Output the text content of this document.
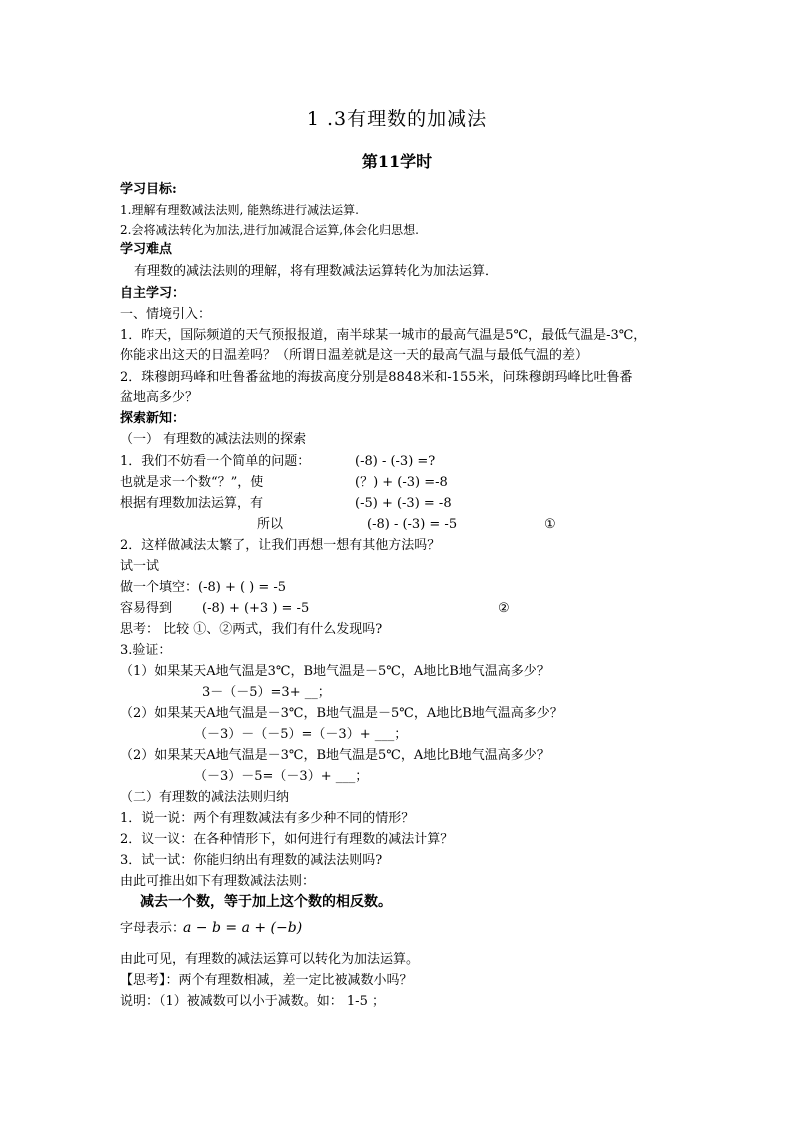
1 .3有理数的加减法
第11学时
学习目标:
1.理解有理数减法法则, 能熟练进行减法运算.
2.会将减法转化为加法,进行加减混合运算,体会化归思想.
学习难点
有理数的减法法则的理解，将有理数减法运算转化为加法运算．
自主学习：
一、情境引入：
1．昨天，国际频道的天气预报报道，南半球某一城市的最高气温是5℃，最低气温是-3℃，
你能求出这天的日温差吗？（所谓日温差就是这一天的最高气温与最低气温的差）
2．珠穆朗玛峰和吐鲁番盆地的海拔高度分别是8848米和-155米，问珠穆朗玛峰比吐鲁番
盆地高多少？
探索新知：
（一） 有理数的减法法则的探索
1．我们不妨看一个简单的问题：	(-8) - (-3) =?
也就是求一个数“？”，使	(？) + (-3) =-8
根据有理数加法运算，有	(-5) + (-3) = -8
所以	(-8) - (-3) = -5	①
2．这样做减法太繁了，让我们再想一想有其他方法吗？
试一试
做一个填空：(-8) + ( ) = -5
容易得到 (-8) + (+3 ) = -5	②
思考： 比较 ①、②两式，我们有什么发现吗?
3.验证：
（1）如果某天A地气温是3℃，B地气温是－5℃，A地比B地气温高多少？
3－（－5）=3+ __；
（2）如果某天A地气温是－3℃，B地气温是－5℃，A地比B地气温高多少？
（－3）－（－5）=（－3）+ ___；
（2）如果某天A地气温是－3℃，B地气温是5℃，A地比B地气温高多少？
（－3）－5=（－3）+ ___；
（二）有理数的减法法则归纳
1．说一说：两个有理数减法有多少种不同的情形？
2．议一议：在各种情形下，如何进行有理数的减法计算？
3．试一试：你能归纳出有理数的减法法则吗?
由此可推出如下有理数减法法则：
减去一个数，等于加上这个数的相反数。
字母表示：
a − b = a + (−b)
由此可见，有理数的减法运算可以转化为加法运算。
【思考】：两个有理数相减，差一定比被减数小吗？
说明：（1）被减数可以小于减数。如： 1-5 ；
